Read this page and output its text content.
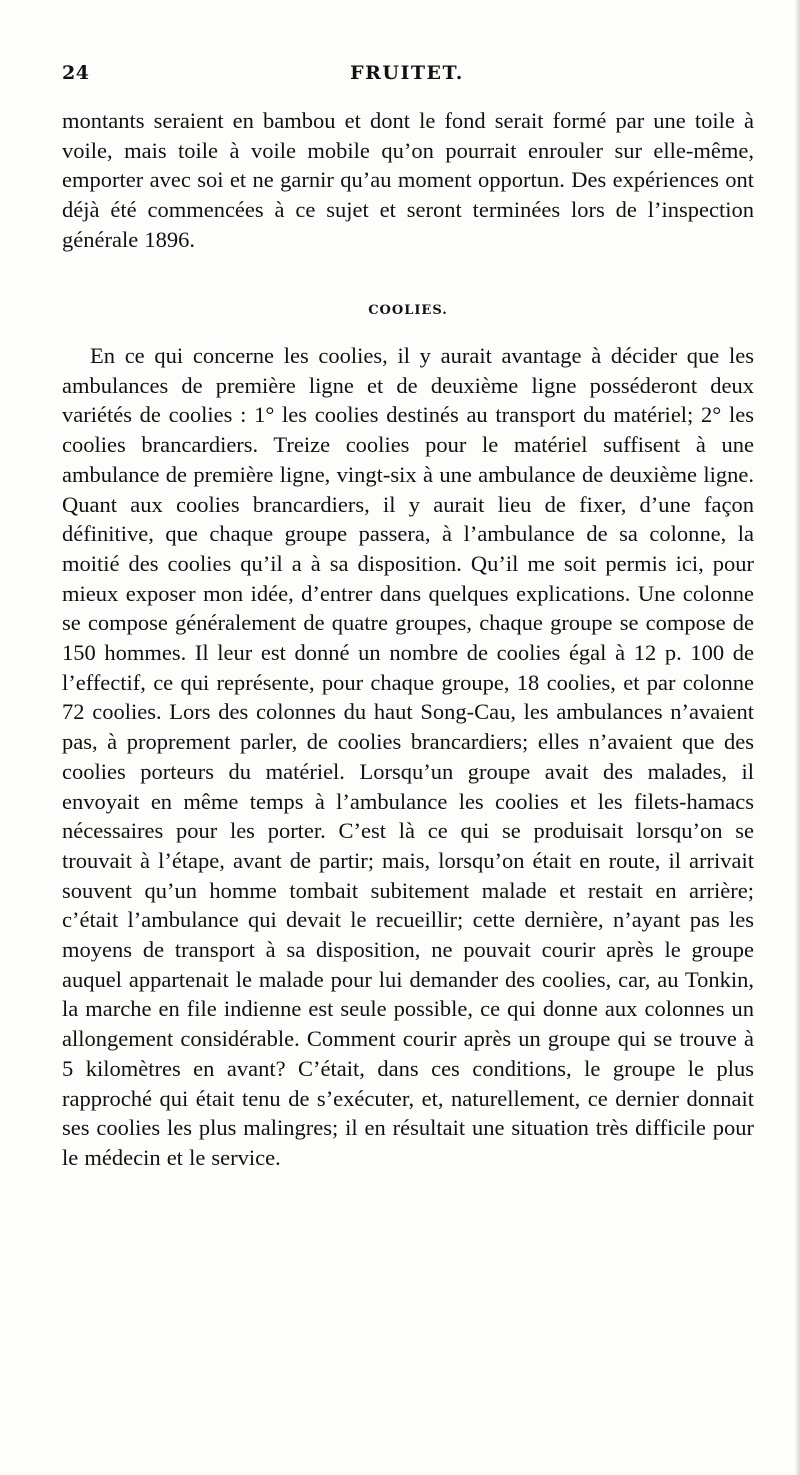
24	FRUITET.

montants seraient en bambou et dont le fond serait formé par une toile à voile, mais toile à voile mobile qu’on pourrait enrouler sur elle-même, emporter avec soi et ne garnir qu’au moment opportun. Des expériences ont déjà été commencées à ce sujet et seront terminées lors de l’inspection générale 1896.

COOLIES.

En ce qui concerne les coolies, il y aurait avantage à décider que les ambulances de première ligne et de deuxième ligne posséderont deux variétés de coolies : 1° les coolies destinés au transport du matériel; 2° les coolies brancardiers. Treize coolies pour le matériel suffisent à une ambulance de première ligne, vingt-six à une ambulance de deuxième ligne. Quant aux coolies brancardiers, il y aurait lieu de fixer, d’une façon définitive, que chaque groupe passera, à l’ambulance de sa colonne, la moitié des coolies qu’il a à sa disposition. Qu’il me soit permis ici, pour mieux exposer mon idée, d’entrer dans quelques explications. Une colonne se compose généralement de quatre groupes, chaque groupe se compose de 150 hommes. Il leur est donné un nombre de coolies égal à 12 p. 100 de l’effectif, ce qui représente, pour chaque groupe, 18 coolies, et par colonne 72 coolies. Lors des colonnes du haut Song-Cau, les ambulances n’avaient pas, à proprement parler, de coolies brancardiers; elles n’avaient que des coolies porteurs du matériel. Lorsqu’un groupe avait des malades, il envoyait en même temps à l’ambulance les coolies et les filets-hamacs nécessaires pour les porter. C’est là ce qui se produisait lorsqu’on se trouvait à l’étape, avant de partir; mais, lorsqu’on était en route, il arrivait souvent qu’un homme tombait subitement malade et restait en arrière; c’était l’ambulance qui devait le recueillir; cette dernière, n’ayant pas les moyens de transport à sa disposition, ne pouvait courir après le groupe auquel appartenait le malade pour lui demander des coolies, car, au Tonkin, la marche en file indienne est seule possible, ce qui donne aux colonnes un allongement considérable. Comment courir après un groupe qui se trouve à 5 kilomètres en avant? C’était, dans ces conditions, le groupe le plus rapproché qui était tenu de s’exécuter, et, naturellement, ce dernier donnait ses coolies les plus malingres; il en résultait une situation très difficile pour le médecin et le service.
